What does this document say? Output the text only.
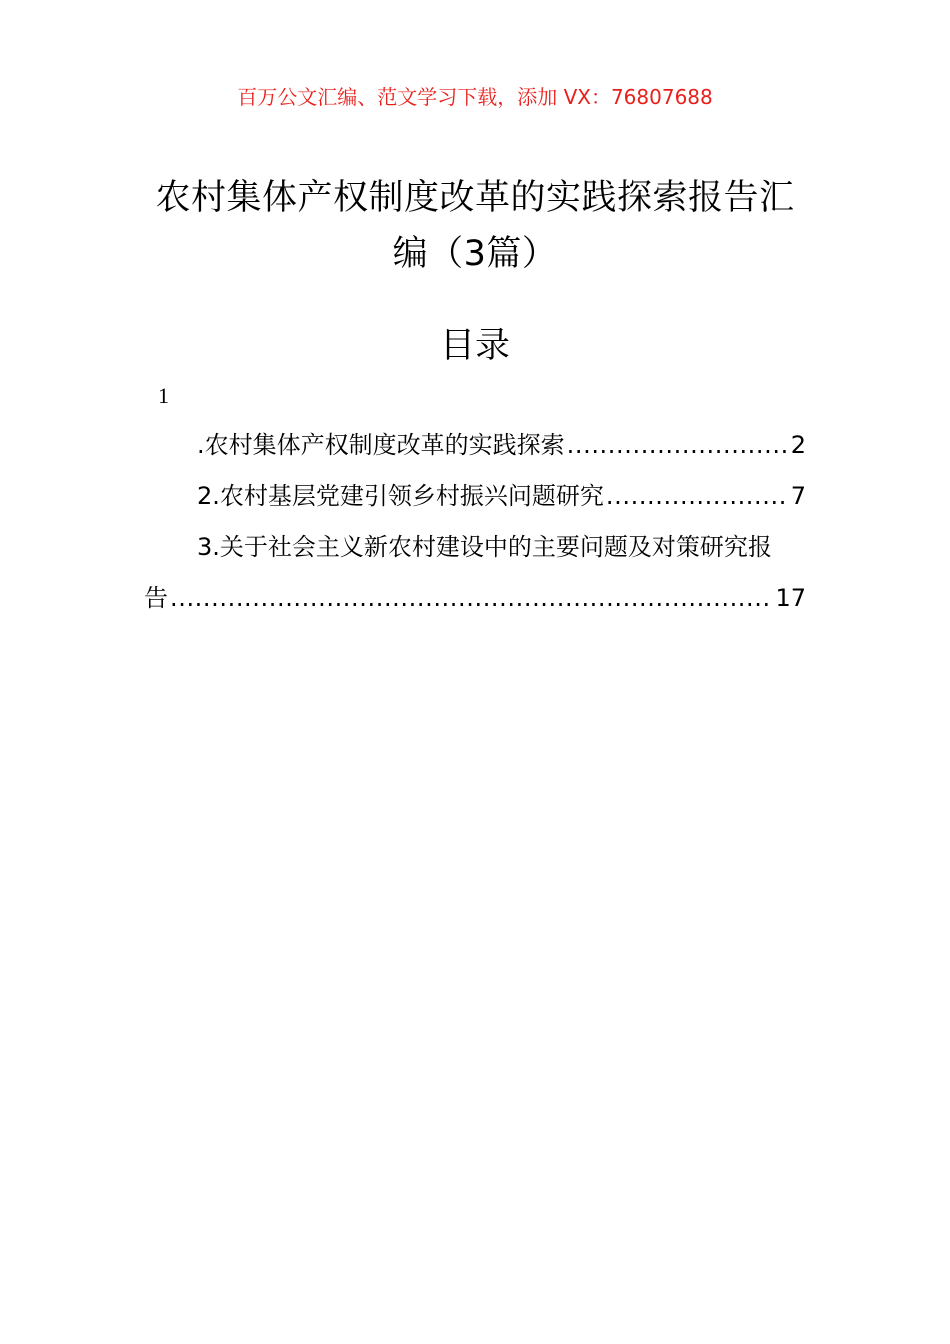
百万公文汇编、范文学习下载，添加 VX：76807688
农村集体产权制度改革的实践探索报告汇
编（3篇）
目录
1
.农村集体产权制度改革的实践探索 .....	2
2.农村基层党建引领乡村振兴问题研究 .....	7
3.关于社会主义新农村建设中的主要问题及对策研究报
告 .....	17
